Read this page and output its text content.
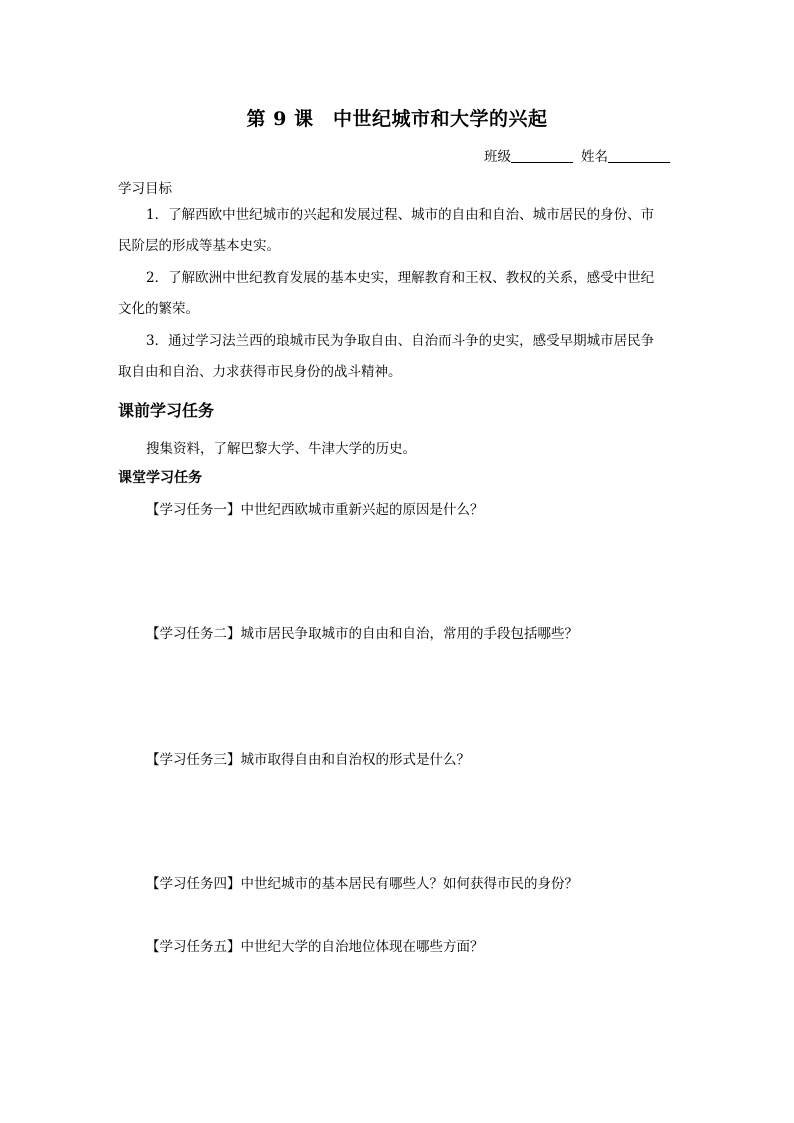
第 9 课　中世纪城市和大学的兴起
班级	姓名
学习目标
1．了解西欧中世纪城市的兴起和发展过程、城市的自由和自治、城市居民的身份、市
民阶层的形成等基本史实。
2．了解欧洲中世纪教育发展的基本史实，理解教育和王权、教权的关系，感受中世纪
文化的繁荣。
3．通过学习法兰西的琅城市民为争取自由、自治而斗争的史实，感受早期城市居民争
取自由和自治、力求获得市民身份的战斗精神。
课前学习任务
搜集资料，了解巴黎大学、牛津大学的历史。
课堂学习任务
【学习任务一】中世纪西欧城市重新兴起的原因是什么？
【学习任务二】城市居民争取城市的自由和自治，常用的手段包括哪些？
【学习任务三】城市取得自由和自治权的形式是什么？
【学习任务四】中世纪城市的基本居民有哪些人？如何获得市民的身份？
【学习任务五】中世纪大学的自治地位体现在哪些方面？
